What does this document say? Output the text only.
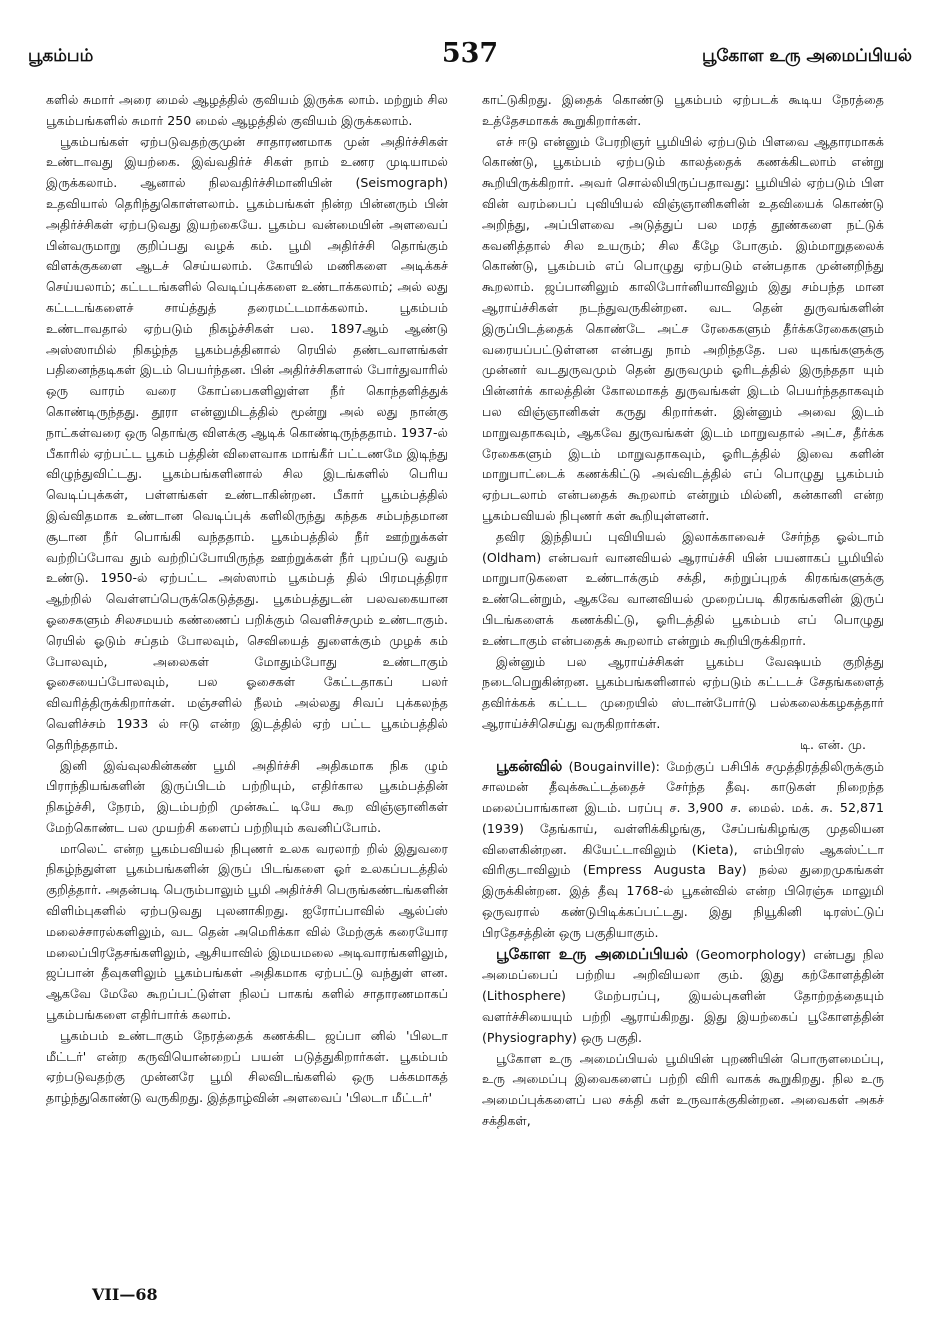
பூகம்பம்	537	பூகோள உரு அமைப்பியல்

களில் சுமார் அரை மைல் ஆழத்தில் குவியம் இருக்க லாம். மற்றும் சில பூகம்பங்களில் சுமார் 250 மைல் ஆழத்தில் குவியம் இருக்கலாம்.

பூகம்பங்கள் ஏற்படுவதற்குமுன் சாதாரணமாக முன் அதிர்ச்சிகள் உண்டாவது இயற்கை. இவ்வதிர்ச் சிகள் நாம் உணர முடியாமல் இருக்கலாம். ஆனால் நிலவதிர்ச்சிமானியின் (Seismograph) உதவியால் தெரிந்துகொள்ளலாம். பூகம்பங்கள் நின்ற பின்னரும் பின் அதிர்ச்சிகள் ஏற்படுவது இயற்கையே. பூகம்ப வன்மையின் அளவைப் பின்வருமாறு குறிப்பது வழக் கம். பூமி அதிர்ச்சி தொங்கும் விளக்குகளை ஆடச் செய்யலாம். கோயில் மணிகளை அடிக்கச் செய்யலாம்; கட்டடங்களில் வெடிப்புக்களை உண்டாக்கலாம்; அல் லது கட்டடங்களைச் சாய்த்துத் தரைமட்டமாக்கலாம். பூகம்பம் உண்டாவதால் ஏற்படும் நிகழ்ச்சிகள் பல. 1897ஆம் ஆண்டு அஸ்ஸாமில் நிகழ்ந்த பூகம்பத்தினால் ரெயில் தண்டவாளங்கள் பதினைந்தடிகள் இடம் பெயர்ந்தன. பின் அதிர்ச்சிகளால் போர்துவாரில் ஒரு வாரம் வரை கோப்பைகளிலுள்ள நீர் கொந்தளித்துக் கொண்டிருந்தது. தூரா என்னுமிடத்தில் மூன்று அல் லது நான்கு நாட்கள்வரை ஒரு தொங்கு விளக்கு ஆடிக் கொண்டிருந்ததாம். 1937-ல் பீகாரில் ஏற்பட்ட பூகம் பத்தின் விளைவாக மாங்கீர் பட்டணமே இடிந்து விழுந்துவிட்டது. பூகம்பங்களினால் சில இடங்களில் பெரிய வெடிப்புக்கள், பள்ளங்கள் உண்டாகின்றன. பீகார் பூகம்பத்தில் இவ்விதமாக உண்டான வெடிப்புக் களிலிருந்து கந்தக சம்பந்தமான சூடான நீர் பொங்கி வந்ததாம். பூகம்பத்தில் நீர் ஊற்றுக்கள் வற்றிப்போவ தும் வற்றிப்போயிருந்த ஊற்றுக்கள் நீர் புறப்படு வதும் உண்டு. 1950-ல் ஏற்பட்ட அஸ்ஸாம் பூகம்பத் தில் பிரமபுத்திரா ஆற்றில் வெள்ளப்பெருக்கெடுத்தது. பூகம்பத்துடன் பலவகையான ஓசைகளும் சிலசமயம் கண்ணைப் பறிக்கும் வெளிச்சமும் உண்டாகும். ரெயில் ஓடும் சப்தம் போலவும், செவியைத் துளைக்கும் முழக் கம் போலவும், அலைகள் மோதும்போது உண்டாகும் ஓசையைப்போலவும், பல ஓசைகள் கேட்டதாகப் பலர் விவரித்திருக்கிறார்கள். மஞ்சளில் நீலம் அல்லது சிவப் புக்கலந்த வெளிச்சம் 1933 ல் ஈடு என்ற இடத்தில் ஏற் பட்ட பூகம்பத்தில் தெரிந்ததாம்.

இனி இவ்வுலகின்கண் பூமி அதிர்ச்சி அதிகமாக நிக ழும் பிராந்தியங்களின் இருப்பிடம் பற்றியும், எதிர்கால பூகம்பத்தின் நிகழ்ச்சி, நேரம், இடம்பற்றி முன்கூட் டியே கூற விஞ்ஞானிகள் மேற்கொண்ட பல முயற்சி களைப் பற்றியும் கவனிப்போம்.

மாலெட் என்ற பூகம்பவியல் நிபுணர் உலக வரலாற் றில் இதுவரை நிகழ்ந்துள்ள பூகம்பங்களின் இருப் பிடங்களை ஓர் உலகப்படத்தில் குறித்தார். அதன்படி பெரும்பாலும் பூமி அதிர்ச்சி பெருங்கண்டங்களின் விளிம்புகளில் ஏற்படுவது புலனாகிறது. ஐரோப்பாவில் ஆல்ப்ஸ் மலைச்சாரல்களிலும், வட தென் அமெரிக்கா வில் மேற்குக் கரையோர மலைப்பிரதேசங்களிலும், ஆசியாவில் இமயமலை அடிவாரங்களிலும், ஜப்பான் தீவுகளிலும் பூகம்பங்கள் அதிகமாக ஏற்பட்டு வந்துள் ளன. ஆகவே மேலே கூறப்பட்டுள்ள நிலப் பாகங் களில் சாதாரணமாகப் பூகம்பங்களை எதிர்பார்க் கலாம்.

பூகம்பம் உண்டாகும் நேரத்தைக் கணக்கிட ஜப்பா னில் 'பிலடா மீட்டர்' என்ற கருவியொன்றைப் பயன் படுத்துகிறார்கள். பூகம்பம் ஏற்படுவதற்கு முன்னரே பூமி சிலவிடங்களில் ஒரு பக்கமாகத் தாழ்ந்துகொண்டு வருகிறது. இத்தாழ்வின் அளவைப் 'பிலடா மீட்டர்'

காட்டுகிறது. இதைக் கொண்டு பூகம்பம் ஏற்படக் கூடிய நேரத்தை உத்தேசமாகக் கூறுகிறார்கள்.

எச் ஈடு என்னும் பேரறிஞர் பூமியில் ஏற்படும் பிளவை ஆதாரமாகக் கொண்டு, பூகம்பம் ஏற்படும் காலத்தைக் கணக்கிடலாம் என்று கூறியிருக்கிறார். அவர் சொல்லியிருப்பதாவது: பூமியில் ஏற்படும் பிள வின் வரம்பைப் புவியியல் விஞ்ஞானிகளின் உதவியைக் கொண்டு அறிந்து, அப்பிளவை அடுத்துப் பல மரத் தூண்களை நட்டுக் கவனித்தால் சில உயரும்; சில கீழே போகும். இம்மாறுதலைக் கொண்டு, பூகம்பம் எப் பொழுது ஏற்படும் என்பதாக முன்னறிந்து கூறலாம். ஜப்பானிலும் காலிபோர்னியாவிலும் இது சம்பந்த மான ஆராய்ச்சிகள் நடந்துவருகின்றன. வட தென் துருவங்களின் இருப்பிடத்தைக் கொண்டே அட்ச ரேகைகளும் தீர்க்கரேகைகளும் வரையப்பட்டுள்ளன என்பது நாம் அறிந்ததே. பல யுகங்களுக்கு முன்னர் வடதுருவமும் தென் துருவமும் ஓரிடத்தில் இருந்ததா யும் பின்னர்க் காலத்தின் கோலமாகத் துருவங்கள் இடம் பெயர்ந்ததாகவும் பல விஞ்ஞானிகள் கருது கிறார்கள். இன்னும் அவை இடம் மாறுவதாகவும், ஆகவே துருவங்கள் இடம் மாறுவதால் அட்ச, தீர்க்க ரேகைகளும் இடம் மாறுவதாகவும், ஓரிடத்தில் இவை களின் மாறுபாட்டைக் கணக்கிட்டு அவ்விடத்தில் எப் பொழுது பூகம்பம் ஏற்படலாம் என்பதைக் கூறலாம் என்றும் மில்னி, கன்கானி என்ற பூகம்பவியல் நிபுணர் கள் கூறியுள்ளனர்.

தவிர இந்தியப் புவியியல் இலாக்காவைச் சேர்ந்த ஓல்டாம் (Oldham) என்பவர் வானவியல் ஆராய்ச்சி யின் பயனாகப் பூமியில் மாறுபாடுகளை உண்டாக்கும் சக்தி, சுற்றுப்புறக் கிரகங்களுக்கு உண்டென்றும், ஆகவே வானவியல் முறைப்படி கிரகங்களின் இருப் பிடங்களைக் கணக்கிட்டு, ஓரிடத்தில் பூகம்பம் எப் பொழுது உண்டாகும் என்பதைக் கூறலாம் என்றும் கூறியிருக்கிறார்.

இன்னும் பல ஆராய்ச்சிகள் பூகம்ப வேஷயம் குறித்து நடைபெறுகின்றன. பூகம்பங்களினால் ஏற்படும் கட்டடச் சேதங்களைத் தவிர்க்கக் கட்டட முறையில் ஸ்டான்போர்டு பல்கலைக்கழகத்தார் ஆராய்ச்சிசெய்து வருகிறார்கள்.

டி. என். மு.

பூகன்வில் (Bougainville): மேற்குப் பசிபிக் சமுத்திரத்திலிருக்கும் சாலமன் தீவுக்கூட்டத்தைச் சேர்ந்த தீவு. காடுகள் நிறைந்த மலைப்பாங்கான இடம். பரப்பு ச. 3,900 ச. மைல். மக். சு. 52,871 (1939) தேங்காய், வள்ளிக்கிழங்கு, சேப்பங்கிழங்கு முதலியன விளைகின்றன. கியேட்டாவிலும் (Kieta), எம்பிரஸ் ஆகஸ்ட்டா விரிகுடாவிலும் (Empress Augusta Bay) நல்ல துறைமுகங்கள் இருக்கின்றன. இத் தீவு 1768-ல் பூகன்வில் என்ற பிரெஞ்சு மாலுமி ஒருவரால் கண்டுபிடிக்கப்பட்டது. இது நியூகினி டிரஸ்ட்டுப் பிரதேசத்தின் ஒரு பகுதியாகும்.

பூகோள உரு அமைப்பியல் (Geomorphology) என்பது நில அமைப்பைப் பற்றிய அறிவியலா கும். இது கற்கோளத்தின் (Lithosphere) மேற்பரப்பு, இயல்புகளின் தோற்றத்தையும் வளர்ச்சியையும் பற்றி ஆராய்கிறது. இது இயற்கைப் பூகோளத்தின் (Physiography) ஒரு பகுதி.

பூகோள உரு அமைப்பியல் பூமியின் புறணியின் பொருளமைப்பு, உரு அமைப்பு இவைகளைப் பற்றி விரி வாகக் கூறுகிறது. நில உரு அமைப்புக்களைப் பல சக்தி கள் உருவாக்குகின்றன. அவைகள் அகச் சக்திகள்,

VII—68
